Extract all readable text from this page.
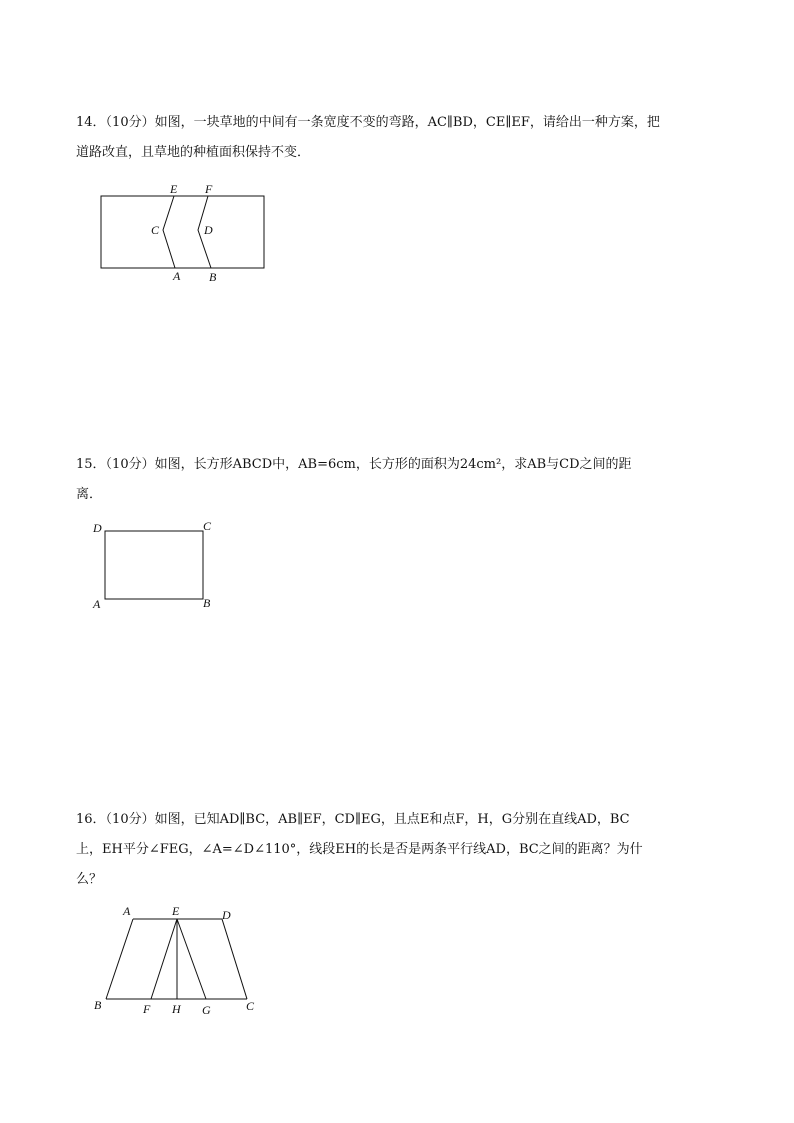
14．（10分）如图，一块草地的中间有一条宽度不变的弯路，AC∥BD，CE∥EF，请给出一种方案，把

道路改直，且草地的种植面积保持不变．

E F
C	D
A B

15．（10分）如图，长方形ABCD中，AB=6cm，长方形的面积为24cm²，求AB与CD之间的距

离．

D	C
A	B

16．（10分）如图，已知AD∥BC，AB∥EF，CD∥EG，且点E和点F，H，G分别在直线AD，BC

上，EH平分∠FEG，∠A=∠D∠110°，线段EH的长是否是两条平行线AD，BC之间的距离？为什

么？

A	E	D
B	F H G	C
